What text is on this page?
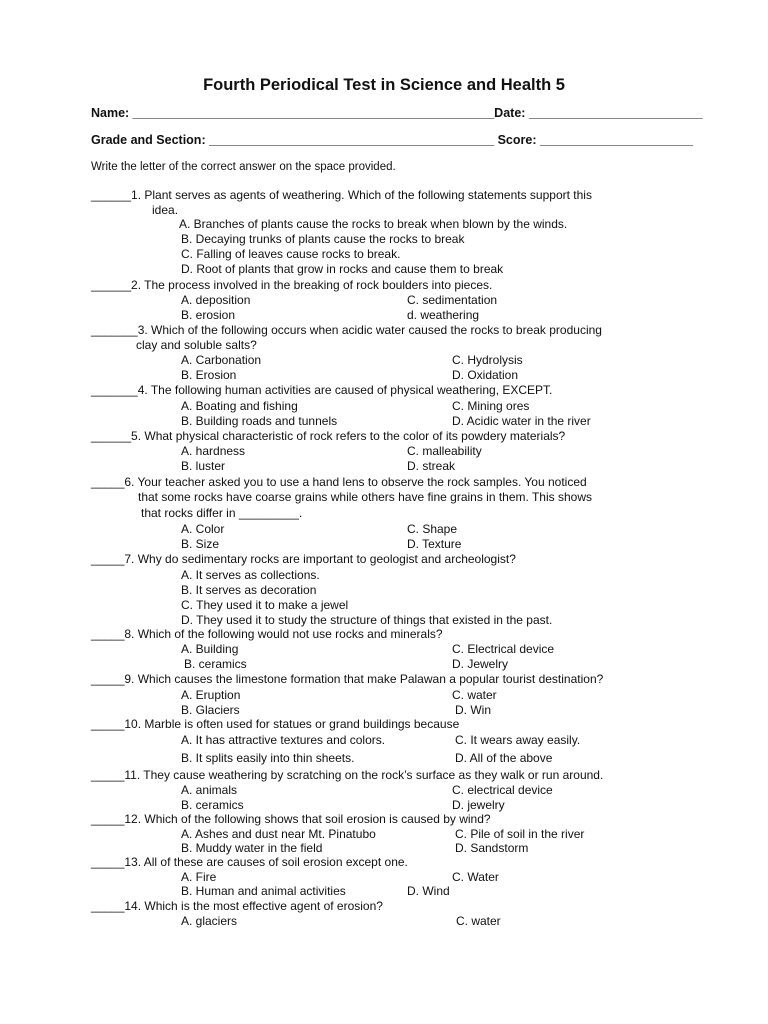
Fourth Periodical Test in Science and Health 5
Name: ____________________________________________________Date: _________________________
Grade and Section: _________________________________________ Score: ______________________
Write the letter of the correct answer on the space provided.
______1. Plant serves as agents of weathering. Which of the following statements support this
idea.
A. Branches of plants cause the rocks to break when blown by the winds.
B. Decaying trunks of plants cause the rocks to break
C. Falling of leaves cause rocks to break.
D. Root of plants that grow in rocks and cause them to break
______2. The process involved in the breaking of rock boulders into pieces.
A. deposition	C. sedimentation
B. erosion	d. weathering
_______3. Which of the following occurs when acidic water caused the rocks to break producing
clay and soluble salts?
A. Carbonation	C. Hydrolysis
B. Erosion	D. Oxidation
_______4. The following human activities are caused of physical weathering, EXCEPT.
A. Boating and fishing	C. Mining ores
B. Building roads and tunnels	D. Acidic water in the river
______5. What physical characteristic of rock refers to the color of its powdery materials?
A. hardness	C. malleability
B. luster	D. streak
_____6. Your teacher asked you to use a hand lens to observe the rock samples. You noticed
that some rocks have coarse grains while others have fine grains in them. This shows
that rocks differ in _________.
A. Color	C. Shape
B. Size	D. Texture
_____7. Why do sedimentary rocks are important to geologist and archeologist?
A. It serves as collections.
B. It serves as decoration
C. They used it to make a jewel
D. They used it to study the structure of things that existed in the past.
_____8. Which of the following would not use rocks and minerals?
A. Building	C. Electrical device
B. ceramics	D. Jewelry
_____9. Which causes the limestone formation that make Palawan a popular tourist destination?
A. Eruption	C. water
B. Glaciers	D. Win
_____10. Marble is often used for statues or grand buildings because
A. It has attractive textures and colors.	C. It wears away easily.
B. It splits easily into thin sheets.	D. All of the above
_____11. They cause weathering by scratching on the rock’s surface as they walk or run around.
A. animals	C. electrical device
B. ceramics	D. jewelry
_____12. Which of the following shows that soil erosion is caused by wind?
A. Ashes and dust near Mt. Pinatubo	C. Pile of soil in the river
B. Muddy water in the field	D. Sandstorm
_____13. All of these are causes of soil erosion except one.
A. Fire	C. Water
B. Human and animal activities	D. Wind
_____14. Which is the most effective agent of erosion?
A. glaciers	C. water
